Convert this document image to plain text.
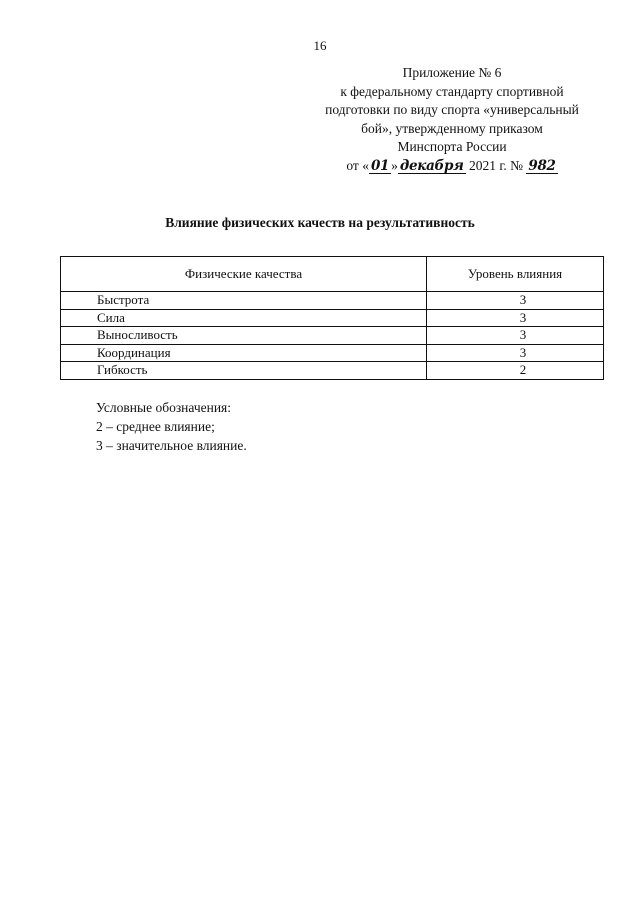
16
Приложение № 6
к федеральному стандарту спортивной
подготовки по виду спорта «универсальный
бой», утвержденному приказом
Минспорта России
от « 01 » декабря 2021 г. № 982
Влияние физических качеств на результативность
Физические качества	Уровень влияния
Быстрота	3
Сила	3
Выносливость	3
Координация	3
Гибкость	2
Условные обозначения:
2 – среднее влияние;
3 – значительное влияние.
